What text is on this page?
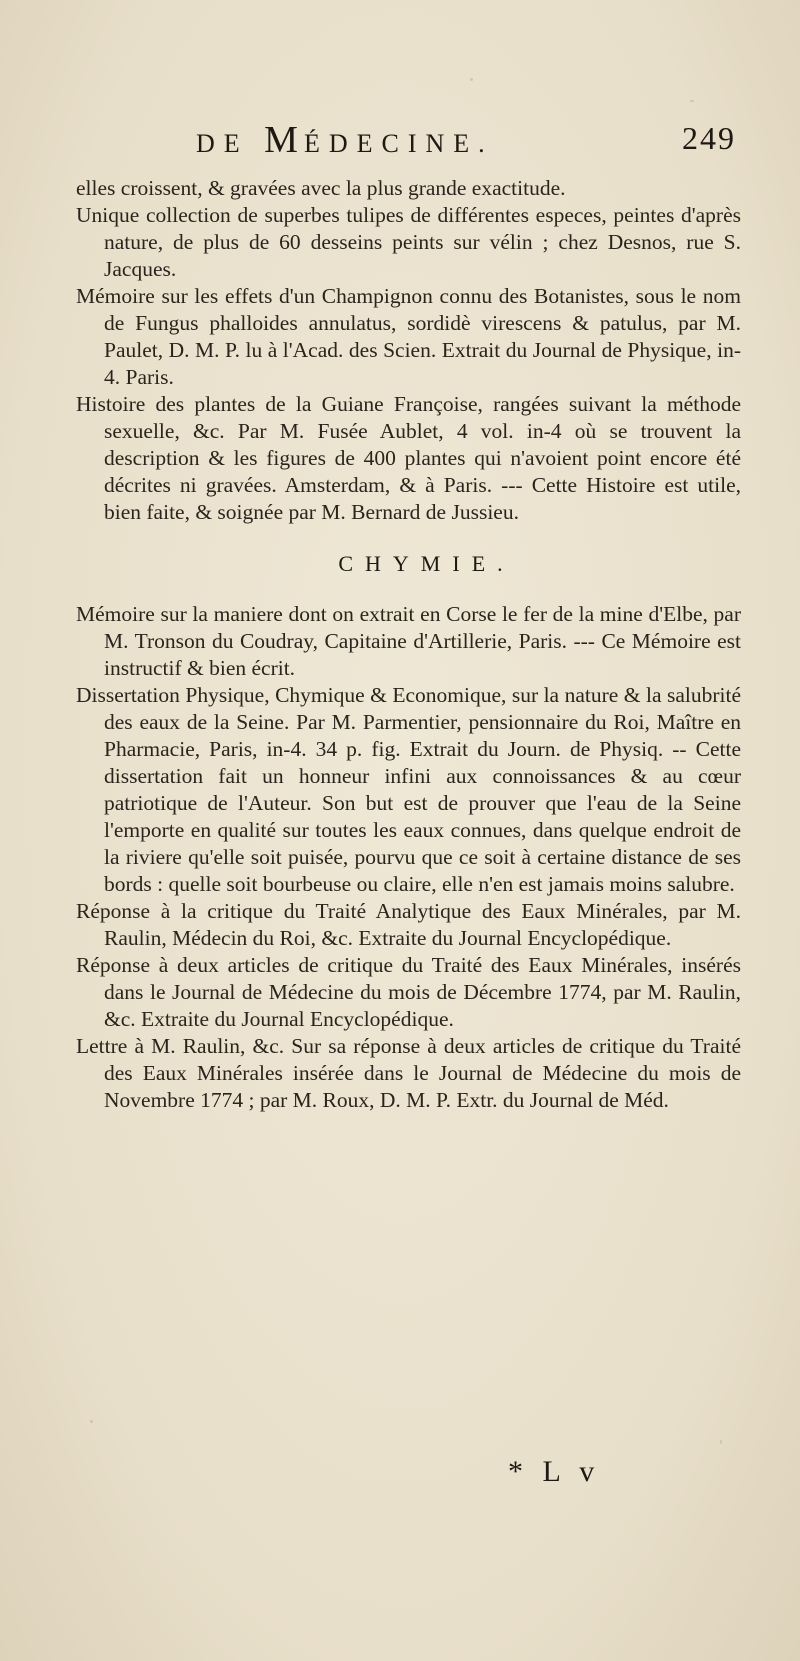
DE MÉDECINE.	249

elles croissent, & gravées avec la plus grande exactitude.

Unique collection de superbes tulipes de différentes especes, peintes d'après nature, de plus de 60 desseins peints sur vélin ; chez Desnos, rue S. Jacques.

Mémoire sur les effets d'un Champignon connu des Botanistes, sous le nom de Fungus phalloides annulatus, sordidè virescens & patulus, par M. Paulet, D. M. P. lu à l'Acad. des Scien. Extrait du Journal de Physique, in-4. Paris.

Histoire des plantes de la Guiane Françoise, rangées suivant la méthode sexuelle, &c. Par M. Fusée Aublet, 4 vol. in-4 où se trouvent la description & les figures de 400 plantes qui n'avoient point encore été décrites ni gravées. Amsterdam, & à Paris. --- Cette Histoire est utile, bien faite, & soignée par M. Bernard de Jussieu.

CHYMIE.

Mémoire sur la maniere dont on extrait en Corse le fer de la mine d'Elbe, par M. Tronson du Coudray, Capitaine d'Artillerie, Paris. --- Ce Mémoire est instructif & bien écrit.

Dissertation Physique, Chymique & Economique, sur la nature & la salubrité des eaux de la Seine. Par M. Parmentier, pensionnaire du Roi, Maître en Pharmacie, Paris, in-4. 34 p. fig. Extrait du Journ. de Physiq. -- Cette dissertation fait un honneur infini aux connoissances & au cœur patriotique de l'Auteur. Son but est de prouver que l'eau de la Seine l'emporte en qualité sur toutes les eaux connues, dans quelque endroit de la riviere qu'elle soit puisée, pourvu que ce soit à certaine distance de ses bords : quelle soit bourbeuse ou claire, elle n'en est jamais moins salubre.

Réponse à la critique du Traité Analytique des Eaux Minérales, par M. Raulin, Médecin du Roi, &c. Extraite du Journal Encyclopédique.

Réponse à deux articles de critique du Traité des Eaux Minérales, insérés dans le Journal de Médecine du mois de Décembre 1774, par M. Raulin, &c. Extraite du Journal Encyclopédique.

Lettre à M. Raulin, &c. Sur sa réponse à deux articles de critique du Traité des Eaux Minérales insérée dans le Journal de Médecine du mois de Novembre 1774 ; par M. Roux, D. M. P. Extr. du Journal de Méd.

* L v
